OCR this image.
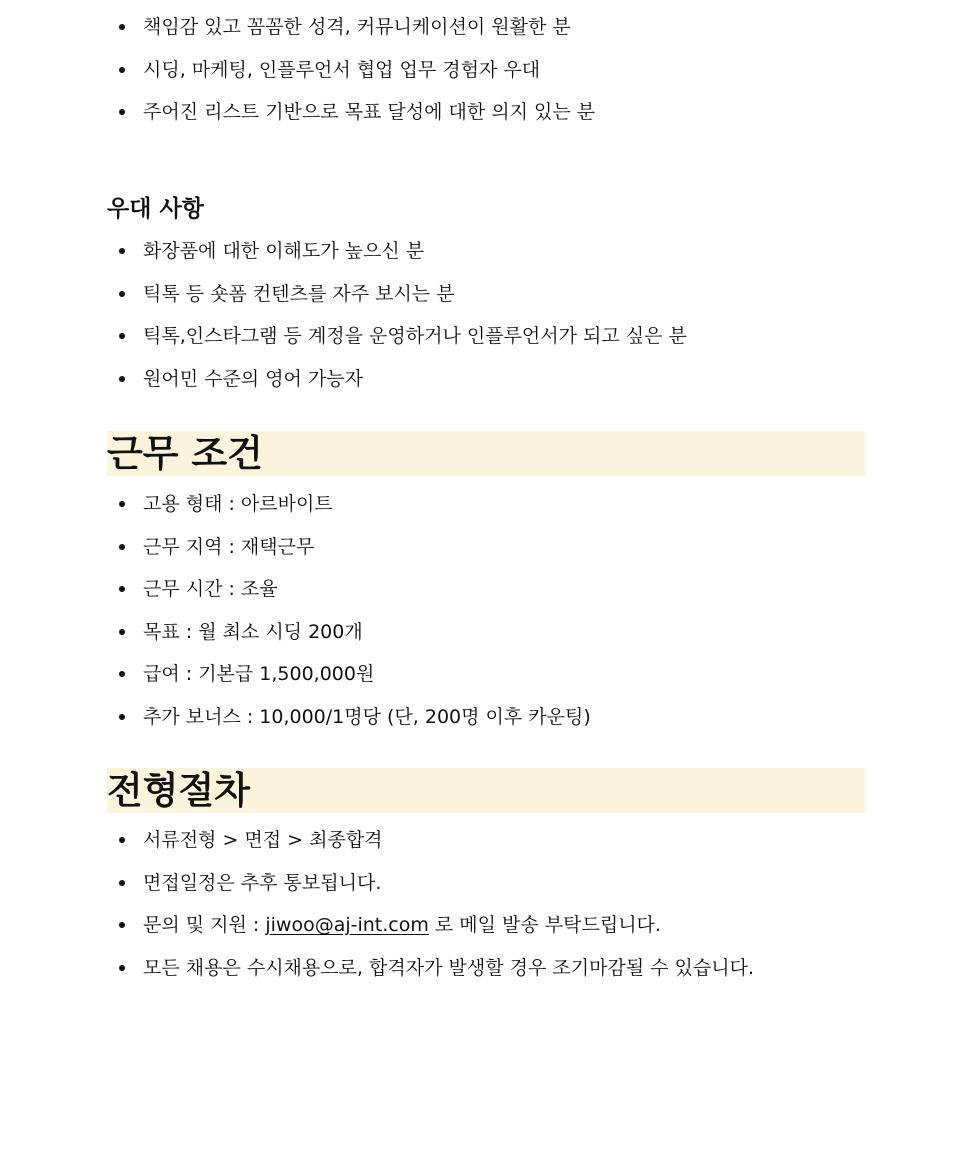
책임감 있고 꼼꼼한 성격, 커뮤니케이션이 원활한 분
시딩, 마케팅, 인플루언서 협업 업무 경험자 우대
주어진 리스트 기반으로 목표 달성에 대한 의지 있는 분
우대 사항
화장품에 대한 이해도가 높으신 분
틱톡 등 숏폼 컨텐츠를 자주 보시는 분
틱톡,인스타그램 등 계정을 운영하거나 인플루언서가 되고 싶은 분
원어민 수준의 영어 가능자
근무 조건
고용 형태 : 아르바이트
근무 지역 : 재택근무
근무 시간 : 조율
목표 : 월 최소 시딩 200개
급여 : 기본급 1,500,000원
추가 보너스 : 10,000/1명당 (단, 200명 이후 카운팅)
전형절차
서류전형 > 면접 > 최종합격
면접일정은 추후 통보됩니다.
문의 및 지원 : jiwoo@aj-int.com 로 메일 발송 부탁드립니다.
모든 채용은 수시채용으로, 합격자가 발생할 경우 조기마감될 수 있습니다.
